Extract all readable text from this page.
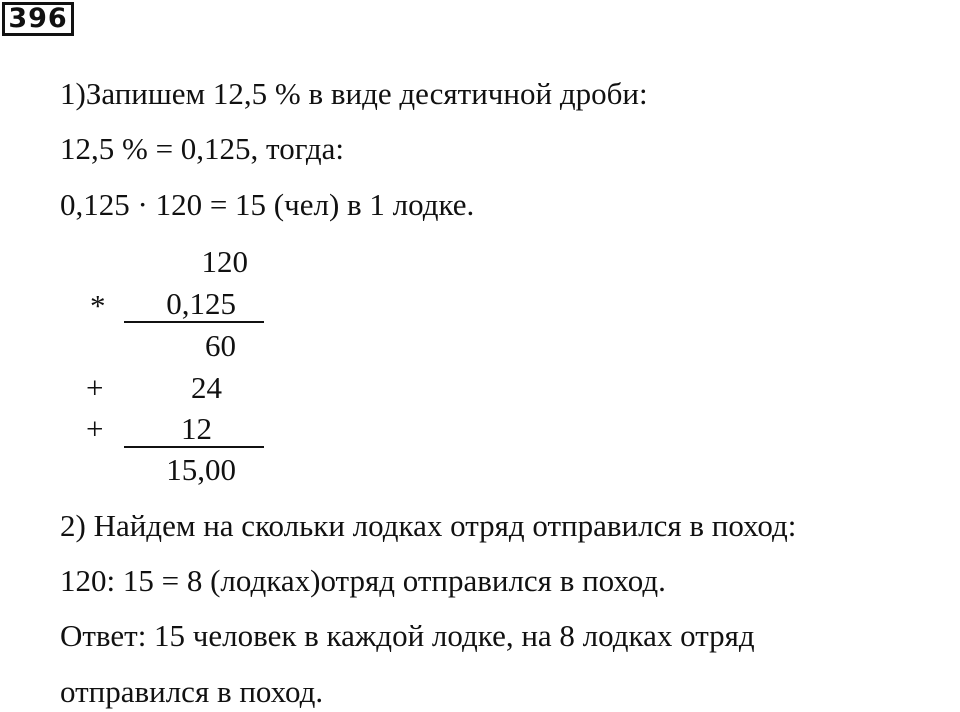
396
1)Запишем 12,5 % в виде десятичной дроби:
12,5 % = 0,125, тогда:
0,125 · 120 = 15 (чел) в 1 лодке.
120
*	0,125
60
+	24
+	12
15,00
2) Найдем на скольки лодках отряд отправился в поход:
120: 15 = 8 (лодках)отряд отправился в поход.
Ответ: 15 человек в каждой лодке, на 8 лодках отряд
отправился в поход.
